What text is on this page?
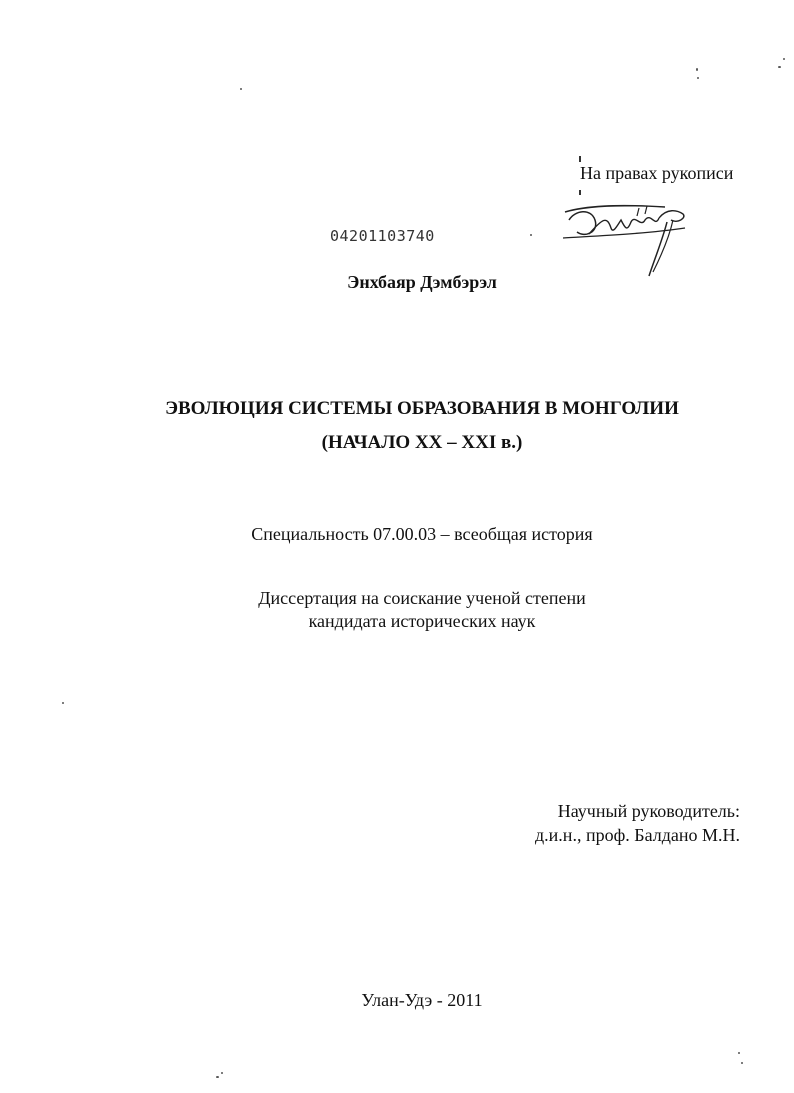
На правах рукописи
04201103740
Энхбаяр Дэмбэрэл
ЭВОЛЮЦИЯ СИСТЕМЫ ОБРАЗОВАНИЯ В МОНГОЛИИ
(НАЧАЛО XX – XXI в.)
Специальность 07.00.03 – всеобщая история
Диссертация на соискание ученой степени
кандидата исторических наук
Научный руководитель:
д.и.н., проф. Балдано М.Н.
Улан-Удэ - 2011
